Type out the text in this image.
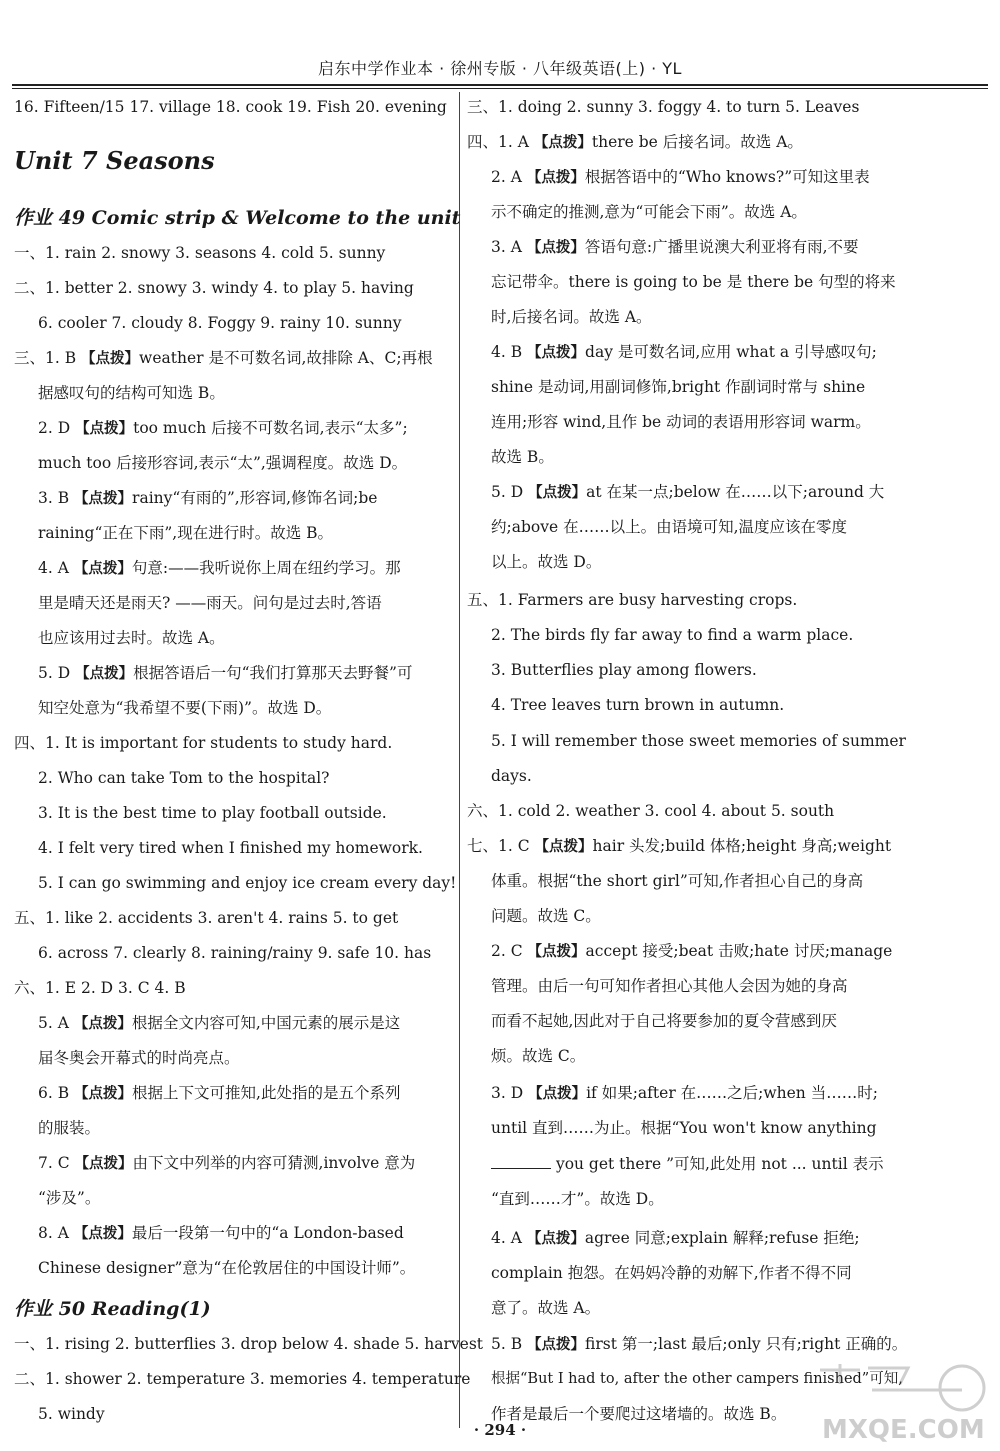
启东中学作业本 · 徐州专版 · 八年级英语(上) · YL
16. Fifteen/15 17. village 18. cook 19. Fish 20. evening
Unit 7 Seasons
作业 49 Comic strip & Welcome to the unit
一、1. rain 2. snowy 3. seasons 4. cold 5. sunny
二、1. better 2. snowy 3. windy 4. to play 5. having
6. cooler 7. cloudy 8. Foggy 9. rainy 10. sunny
三、1. B 【点拨】weather 是不可数名词,故排除 A、C;再根
据感叹句的结构可知选 B。
2. D 【点拨】too much 后接不可数名词,表示“太多”;
much too 后接形容词,表示“太”,强调程度。故选 D。
3. B 【点拨】rainy“有雨的”,形容词,修饰名词;be
raining“正在下雨”,现在进行时。故选 B。
4. A 【点拨】句意:——我听说你上周在纽约学习。那
里是晴天还是雨天? ——雨天。问句是过去时,答语
也应该用过去时。故选 A。
5. D 【点拨】根据答语后一句“我们打算那天去野餐”可
知空处意为“我希望不要(下雨)”。故选 D。
四、1. It is important for students to study hard.
2. Who can take Tom to the hospital?
3. It is the best time to play football outside.
4. I felt very tired when I finished my homework.
5. I can go swimming and enjoy ice cream every day!
五、1. like 2. accidents 3. aren't 4. rains 5. to get
6. across 7. clearly 8. raining/rainy 9. safe 10. has
六、1. E 2. D 3. C 4. B
5. A 【点拨】根据全文内容可知,中国元素的展示是这
届冬奥会开幕式的时尚亮点。
6. B 【点拨】根据上下文可推知,此处指的是五个系列
的服装。
7. C 【点拨】由下文中列举的内容可猜测,involve 意为
“涉及”。
8. A 【点拨】最后一段第一句中的“a London-based
Chinese designer”意为“在伦敦居住的中国设计师”。
作业 50 Reading(1)
一、1. rising 2. butterflies 3. drop below 4. shade 5. harvest
二、1. shower 2. temperature 3. memories 4. temperature
5. windy
三、1. doing 2. sunny 3. foggy 4. to turn 5. Leaves
四、1. A 【点拨】there be 后接名词。故选 A。
2. A 【点拨】根据答语中的“Who knows?”可知这里表
示不确定的推测,意为“可能会下雨”。故选 A。
3. A 【点拨】答语句意:广播里说澳大利亚将有雨,不要
忘记带伞。there is going to be 是 there be 句型的将来
时,后接名词。故选 A。
4. B 【点拨】day 是可数名词,应用 what a 引导感叹句;
shine 是动词,用副词修饰,bright 作副词时常与 shine
连用;形容 wind,且作 be 动词的表语用形容词 warm。
故选 B。
5. D 【点拨】at 在某一点;below 在……以下;around 大
约;above 在……以上。由语境可知,温度应该在零度
以上。故选 D。
五、1. Farmers are busy harvesting crops.
2. The birds fly far away to find a warm place.
3. Butterflies play among flowers.
4. Tree leaves turn brown in autumn.
5. I will remember those sweet memories of summer
days.
六、1. cold 2. weather 3. cool 4. about 5. south
七、1. C 【点拨】hair 头发;build 体格;height 身高;weight
体重。根据“the short girl”可知,作者担心自己的身高
问题。故选 C。
2. C 【点拨】accept 接受;beat 击败;hate 讨厌;manage
管理。由后一句可知作者担心其他人会因为她的身高
而看不起她,因此对于自己将要参加的夏令营感到厌
烦。故选 C。
3. D 【点拨】if 如果;after 在……之后;when 当……时;
until 直到……为止。根据“You won't know anything
you get there ”可知,此处用 not ... until 表示
“直到……才”。故选 D。
4. A 【点拨】agree 同意;explain 解释;refuse 拒绝;
complain 抱怨。在妈妈冷静的劝解下,作者不得不同
意了。故选 A。
5. B 【点拨】first 第一;last 最后;only 只有;right 正确的。
根据“But I had to, after the other campers finished”可知,
作者是最后一个要爬过这堵墙的。故选 B。
· 294 ·	MXQE.COM
